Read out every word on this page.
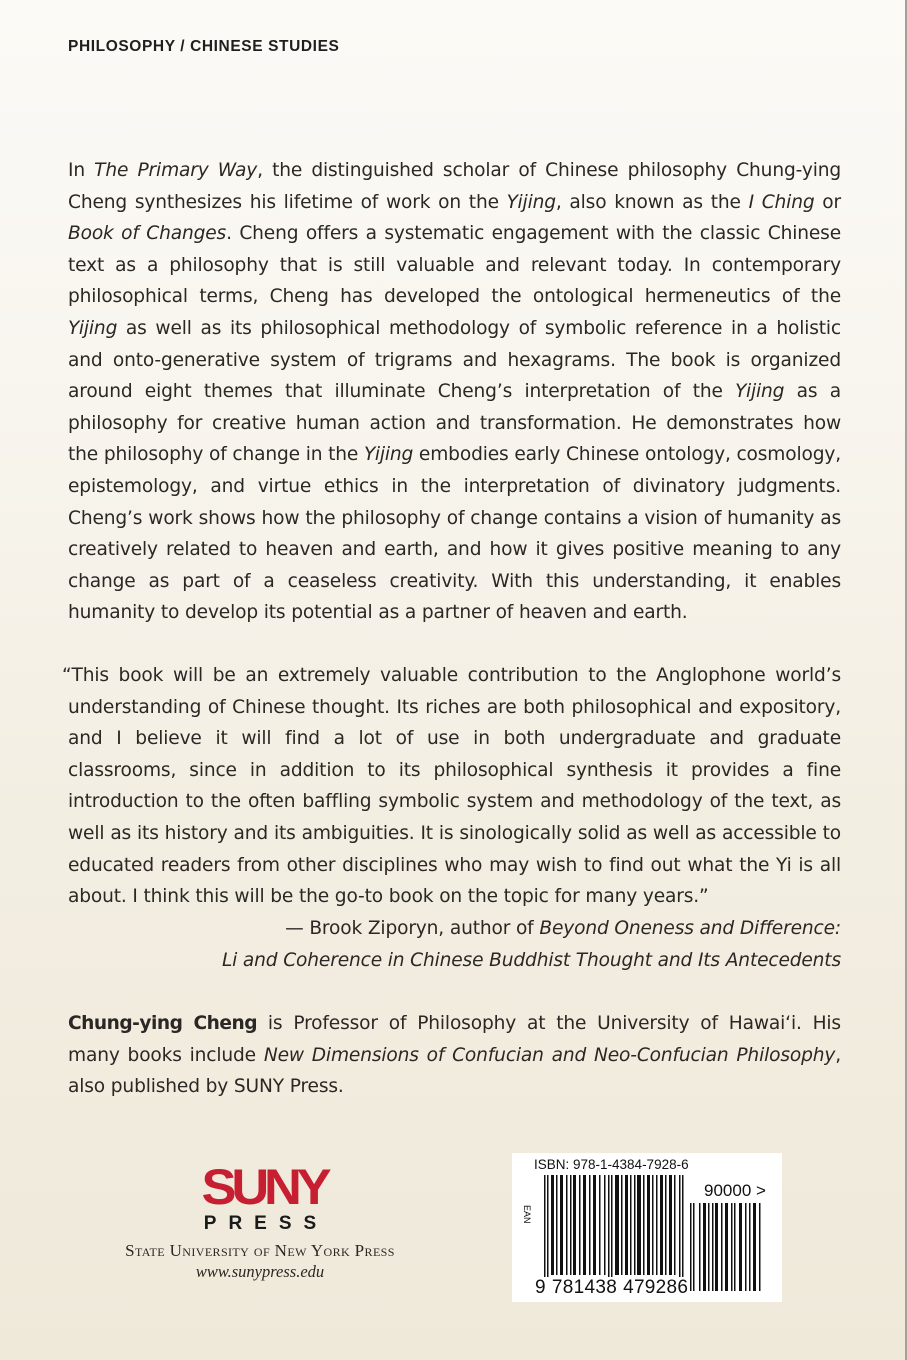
PHILOSOPHY / CHINESE STUDIES
In The Primary Way, the distinguished scholar of Chinese philosophy Chung-ying Cheng synthesizes his lifetime of work on the Yijing, also known as the I Ching or Book of Changes. Cheng offers a systematic engagement with the classic Chinese text as a philosophy that is still valuable and relevant today. In contemporary philosophical terms, Cheng has developed the ontological hermeneutics of the Yijing as well as its philosophical methodology of symbolic reference in a holistic and onto-generative system of trigrams and hexagrams. The book is organized around eight themes that illuminate Cheng’s interpretation of the Yijing as a philosophy for creative human action and transformation. He demonstrates how the philosophy of change in the Yijing embodies early Chinese ontology, cosmology, epistemology, and virtue ethics in the interpretation of divinatory judgments. Cheng’s work shows how the philosophy of change contains a vision of humanity as creatively related to heaven and earth, and how it gives positive meaning to any change as part of a ceaseless creativity. With this understanding, it enables humanity to develop its potential as a partner of heaven and earth.
“This book will be an extremely valuable contribution to the Anglophone world’s understanding of Chinese thought. Its riches are both philosophical and expository, and I believe it will find a lot of use in both undergraduate and graduate classrooms, since in addition to its philosophical synthesis it provides a fine introduction to the often baffling symbolic system and methodology of the text, as well as its history and its ambiguities. It is sinologically solid as well as accessible to educated readers from other disciplines who may wish to find out what the Yi is all about. I think this will be the go-to book on the topic for many years.”
— Brook Ziporyn, author of Beyond Oneness and Difference:
Li and Coherence in Chinese Buddhist Thought and Its Antecedents
Chung-ying Cheng is Professor of Philosophy at the University of Hawai‘i. His many books include New Dimensions of Confucian and Neo-Confucian Philosophy, also published by SUNY Press.
SUNY
PRESS
State University of New York Press
www.sunypress.edu
ISBN: 978-1-4384-7928-6
EAN
90000 >
9 781438 479286
